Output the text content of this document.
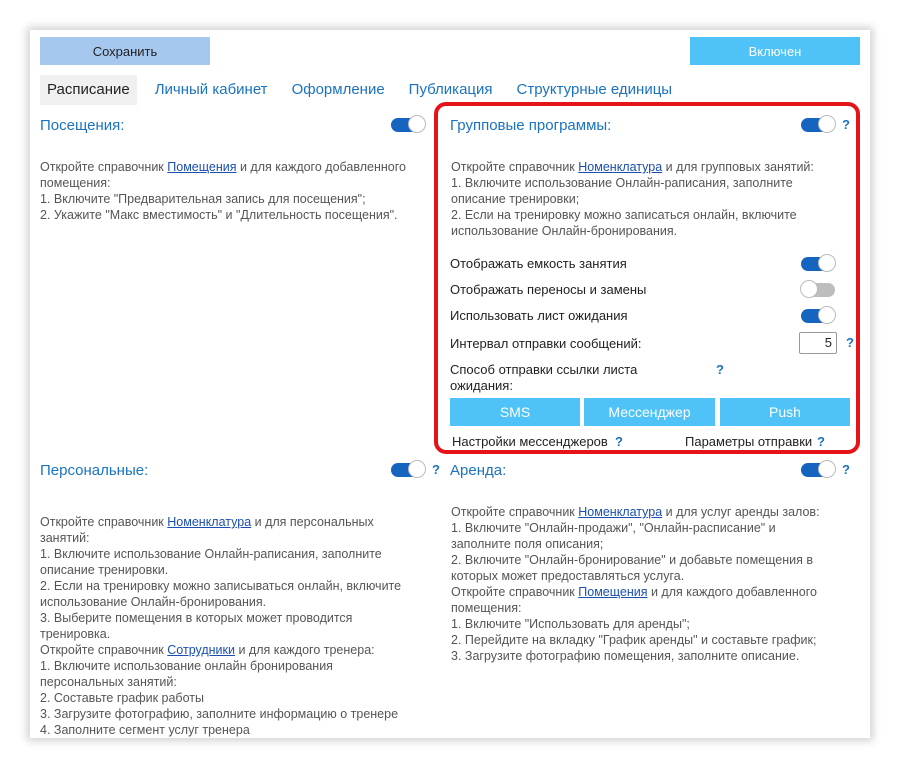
Сохранить	Включен
Расписание	Личный кабинет	Оформление	Публикация	Структурные единицы
Посещения:
Откройте справочник Помещения и для каждого добавленного
помещения:
1. Включите "Предварительная запись для посещения";
2. Укажите "Макс вместимость" и "Длительность посещения".
Групповые программы:	?
Откройте справочник Номенклатура и для групповых занятий:
1. Включите использование Онлайн-раписания, заполните
описание тренировки;
2. Если на тренировку можно записаться онлайн, включите
использование Онлайн-бронирования.
Отображать емкость занятия
Отображать переносы и замены
Использовать лист ожидания
Интервал отправки сообщений:	5	?
Способ отправки ссылки листа
ожидания:
?
SMS	Мессенджер	Push
Настройки мессенджеров ?	Параметры отправки ?
Персональные:	?
Откройте справочник Номенклатура и для персональных
занятий:
1. Включите использование Онлайн-раписания, заполните
описание тренировки.
2. Если на тренировку можно записываться онлайн, включите
использование Онлайн-бронирования.
3. Выберите помещения в которых может проводится
тренировка.
Откройте справочник Сотрудники и для каждого тренера:
1. Включите использование онлайн бронирования
персональных занятий:
2. Составьте график работы
3. Загрузите фотографию, заполните информацию о тренере
4. Заполните сегмент услуг тренера
Аренда:	?
Откройте справочник Номенклатура и для услуг аренды залов:
1. Включите "Онлайн-продажи", "Онлайн-расписание" и
заполните поля описания;
2. Включите "Онлайн-бронирование" и добавьте помещения в
которых может предоставляться услуга.
Откройте справочник Помещения и для каждого добавленного
помещения:
1. Включите "Использовать для аренды";
2. Перейдите на вкладку "График аренды" и составьте график;
3. Загрузите фотографию помещения, заполните описание.
